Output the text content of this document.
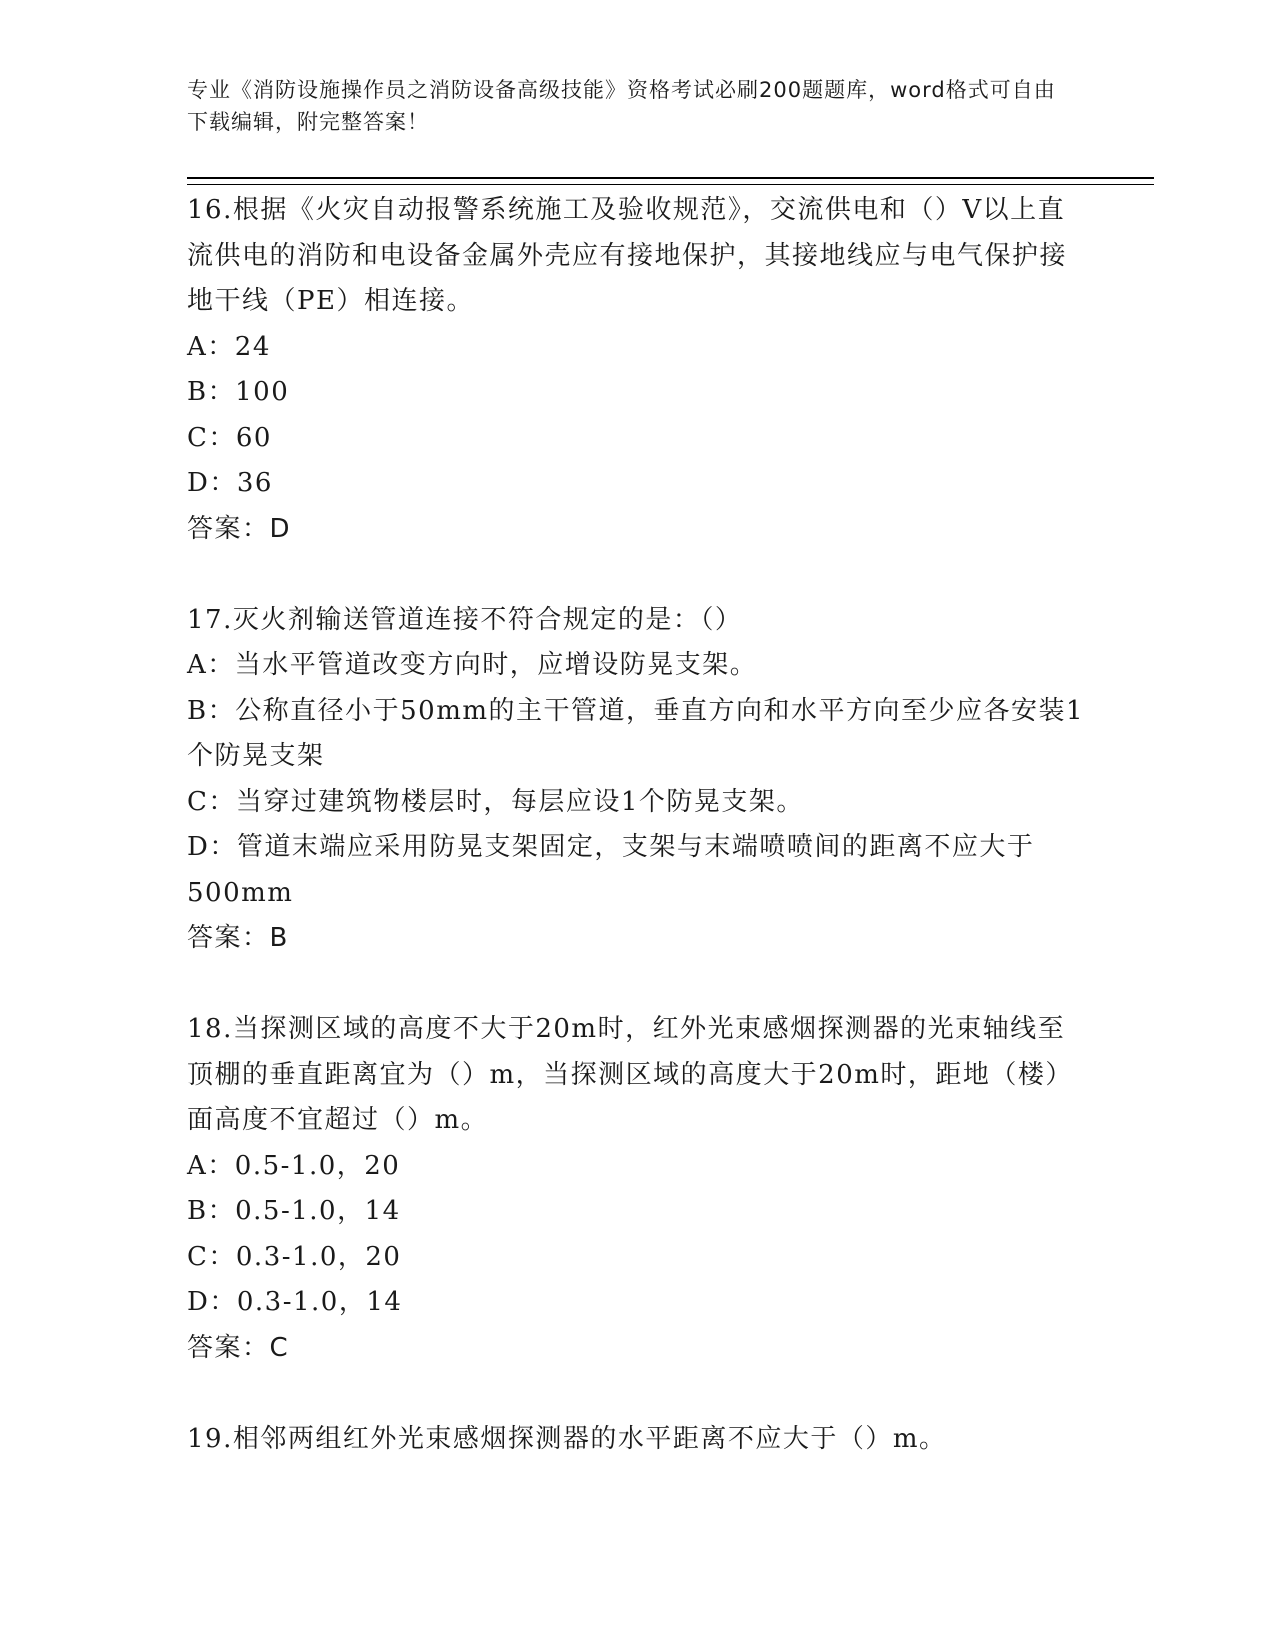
专业《消防设施操作员之消防设备高级技能》资格考试必刷200题题库，word格式可自由下载编辑，附完整答案！

16.根据《火灾自动报警系统施工及验收规范》，交流供电和（）V以上直流供电的消防和电设备金属外壳应有接地保护，其接地线应与电气保护接地干线（PE）相连接。

A：24

B：100

C：60

D：36

答案：D

17.灭火剂输送管道连接不符合规定的是：（）

A：当水平管道改变方向时，应增设防晃支架。

B：公称直径小于50mm的主干管道，垂直方向和水平方向至少应各安装1个防晃支架

C：当穿过建筑物楼层时，每层应设1个防晃支架。

D：管道末端应采用防晃支架固定，支架与末端喷喷间的距离不应大于500mm

答案：B

18.当探测区域的高度不大于20m时，红外光束感烟探测器的光束轴线至顶棚的垂直距离宜为（）m，当探测区域的高度大于20m时，距地（楼）面高度不宜超过（）m。

A：0.5-1.0，20

B：0.5-1.0，14

C：0.3-1.0，20

D：0.3-1.0，14

答案：C

19.相邻两组红外光束感烟探测器的水平距离不应大于（）m。
